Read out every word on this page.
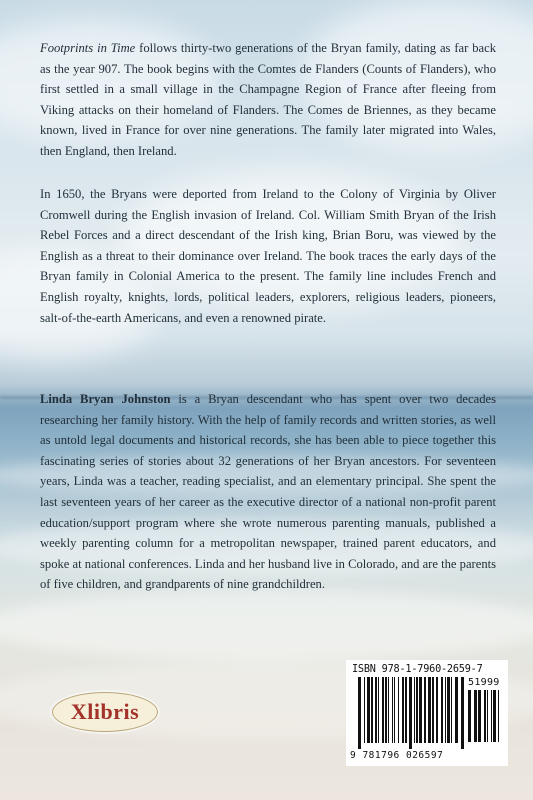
Footprints in Time follows thirty-two generations of the Bryan family, dating as far back as the year 907. The book begins with the Comtes de Flanders (Counts of Flanders), who first settled in a small village in the Champagne Region of France after fleeing from Viking attacks on their homeland of Flanders. The Comes de Briennes, as they became known, lived in France for over nine generations. The family later migrated into Wales, then England, then Ireland.

In 1650, the Bryans were deported from Ireland to the Colony of Virginia by Oliver Cromwell during the English invasion of Ireland. Col. William Smith Bryan of the Irish Rebel Forces and a direct descendant of the Irish king, Brian Boru, was viewed by the English as a threat to their dominance over Ireland. The book traces the early days of the Bryan family in Colonial America to the present. The family line includes French and English royalty, knights, lords, political leaders, explorers, religious leaders, pioneers, salt-of-the-earth Americans, and even a renowned pirate.

Linda Bryan Johnston is a Bryan descendant who has spent over two decades researching her family history. With the help of family records and written stories, as well as untold legal documents and historical records, she has been able to piece together this fascinating series of stories about 32 generations of her Bryan ancestors. For seventeen years, Linda was a teacher, reading specialist, and an elementary principal. She spent the last seventeen years of her career as the executive director of a national non-profit parent education/support program where she wrote numerous parenting manuals, published a weekly parenting column for a metropolitan newspaper, trained parent educators, and spoke at national conferences. Linda and her husband live in Colorado, and are the parents of five children, and grandparents of nine grandchildren.

Xlibris
ISBN 978-1-7960-2659-7
51999
9 781796 026597
